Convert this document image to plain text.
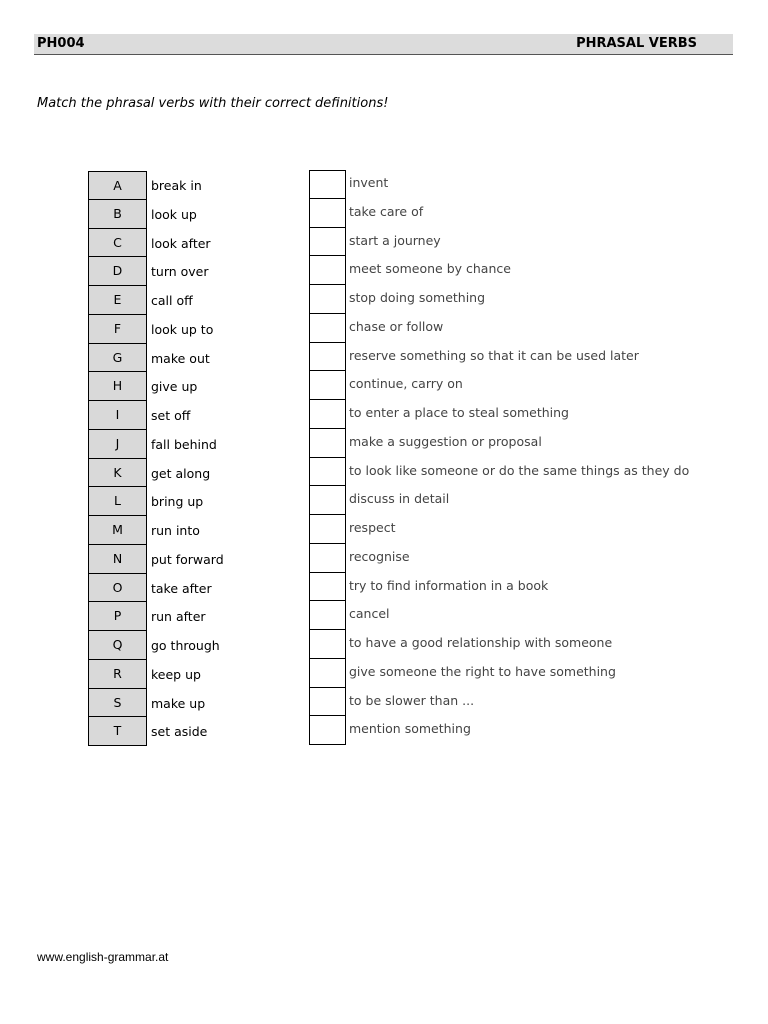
PH004	PHRASAL VERBS
Match the phrasal verbs with their correct definitions!
A
B
C
D
E
F
G
H
I
J
K
L
M
N
O
P
Q
R
S
T
break in
look up
look after
turn over
call off
look up to
make out
give up
set off
fall behind
get along
bring up
run into
put forward
take after
run after
go through
keep up
make up
set aside
invent
take care of
start a journey
meet someone by chance
stop doing something
chase or follow
reserve something so that it can be used later
continue, carry on
to enter a place to steal something
make a suggestion or proposal
to look like someone or do the same things as they do
discuss in detail
respect
recognise
try to find information in a book
cancel
to have a good relationship with someone
give someone the right to have something
to be slower than ...
mention something
www.english-grammar.at
